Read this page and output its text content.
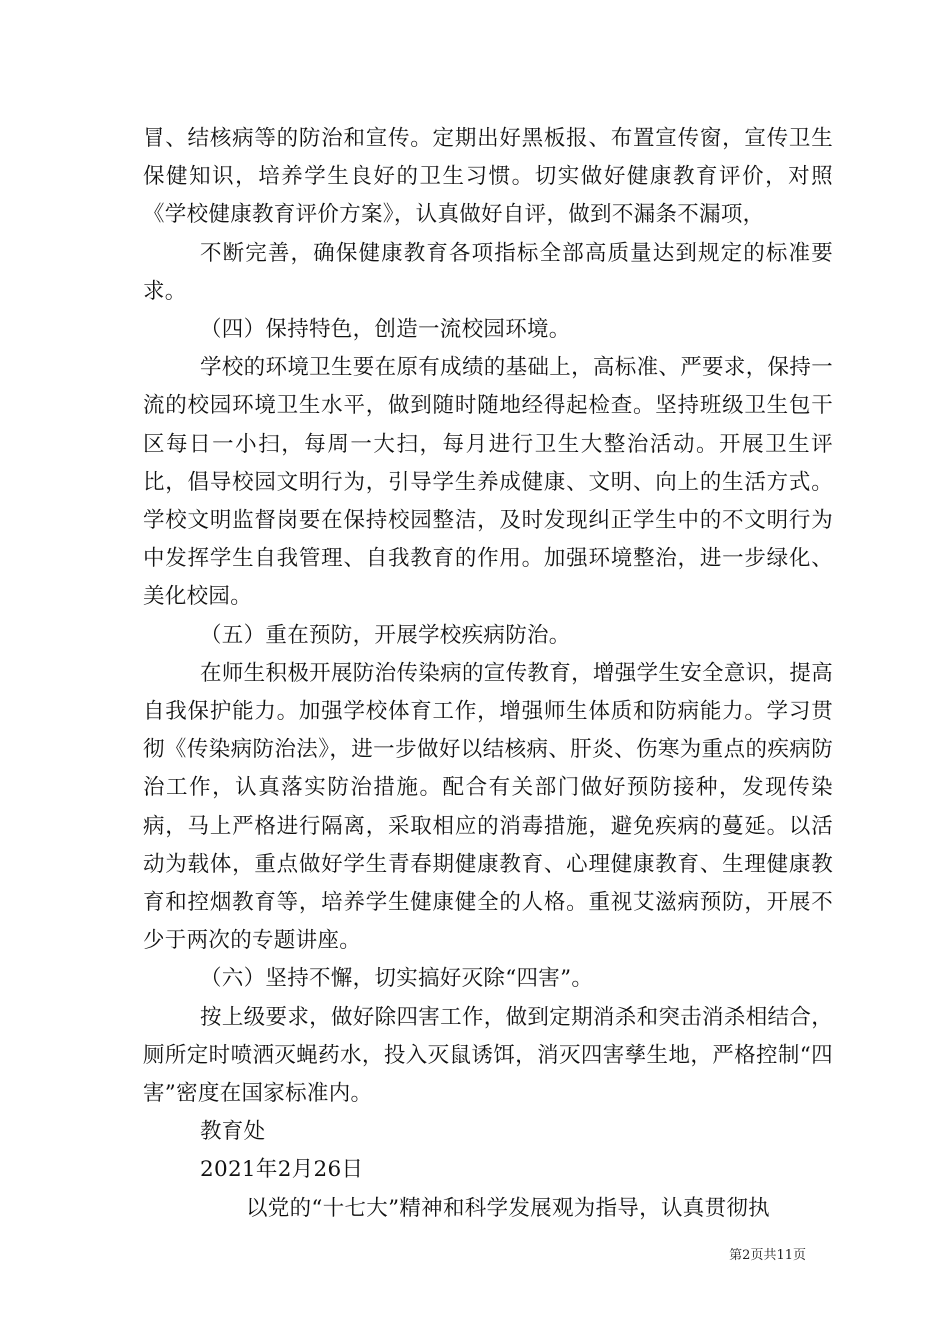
冒、结核病等的防治和宣传。定期出好黑板报、布置宣传窗，宣传卫生保健知识，培养学生良好的卫生习惯。切实做好健康教育评价，对照《学校健康教育评价方案》，认真做好自评，做到不漏条不漏项，

不断完善，确保健康教育各项指标全部高质量达到规定的标准要求。

（四）保持特色，创造一流校园环境。

学校的环境卫生要在原有成绩的基础上，高标准、严要求，保持一流的校园环境卫生水平，做到随时随地经得起检查。坚持班级卫生包干区每日一小扫，每周一大扫，每月进行卫生大整治活动。开展卫生评比，倡导校园文明行为，引导学生养成健康、文明、向上的生活方式。学校文明监督岗要在保持校园整洁，及时发现纠正学生中的不文明行为中发挥学生自我管理、自我教育的作用。加强环境整治，进一步绿化、美化校园。

（五）重在预防，开展学校疾病防治。

在师生积极开展防治传染病的宣传教育，增强学生安全意识，提高自我保护能力。加强学校体育工作，增强师生体质和防病能力。学习贯彻《传染病防治法》，进一步做好以结核病、肝炎、伤寒为重点的疾病防治工作，认真落实防治措施。配合有关部门做好预防接种，发现传染病，马上严格进行隔离，采取相应的消毒措施，避免疾病的蔓延。以活动为载体，重点做好学生青春期健康教育、心理健康教育、生理健康教育和控烟教育等，培养学生健康健全的人格。重视艾滋病预防，开展不少于两次的专题讲座。

（六）坚持不懈，切实搞好灭除“四害”。

按上级要求，做好除四害工作，做到定期消杀和突击消杀相结合，厕所定时喷洒灭蝇药水，投入灭鼠诱饵，消灭四害孳生地，严格控制“四害”密度在国家标准内。

教育处

2021年2月26日

以党的“十七大”精神和科学发展观为指导，认真贯彻执

第2页共11页
